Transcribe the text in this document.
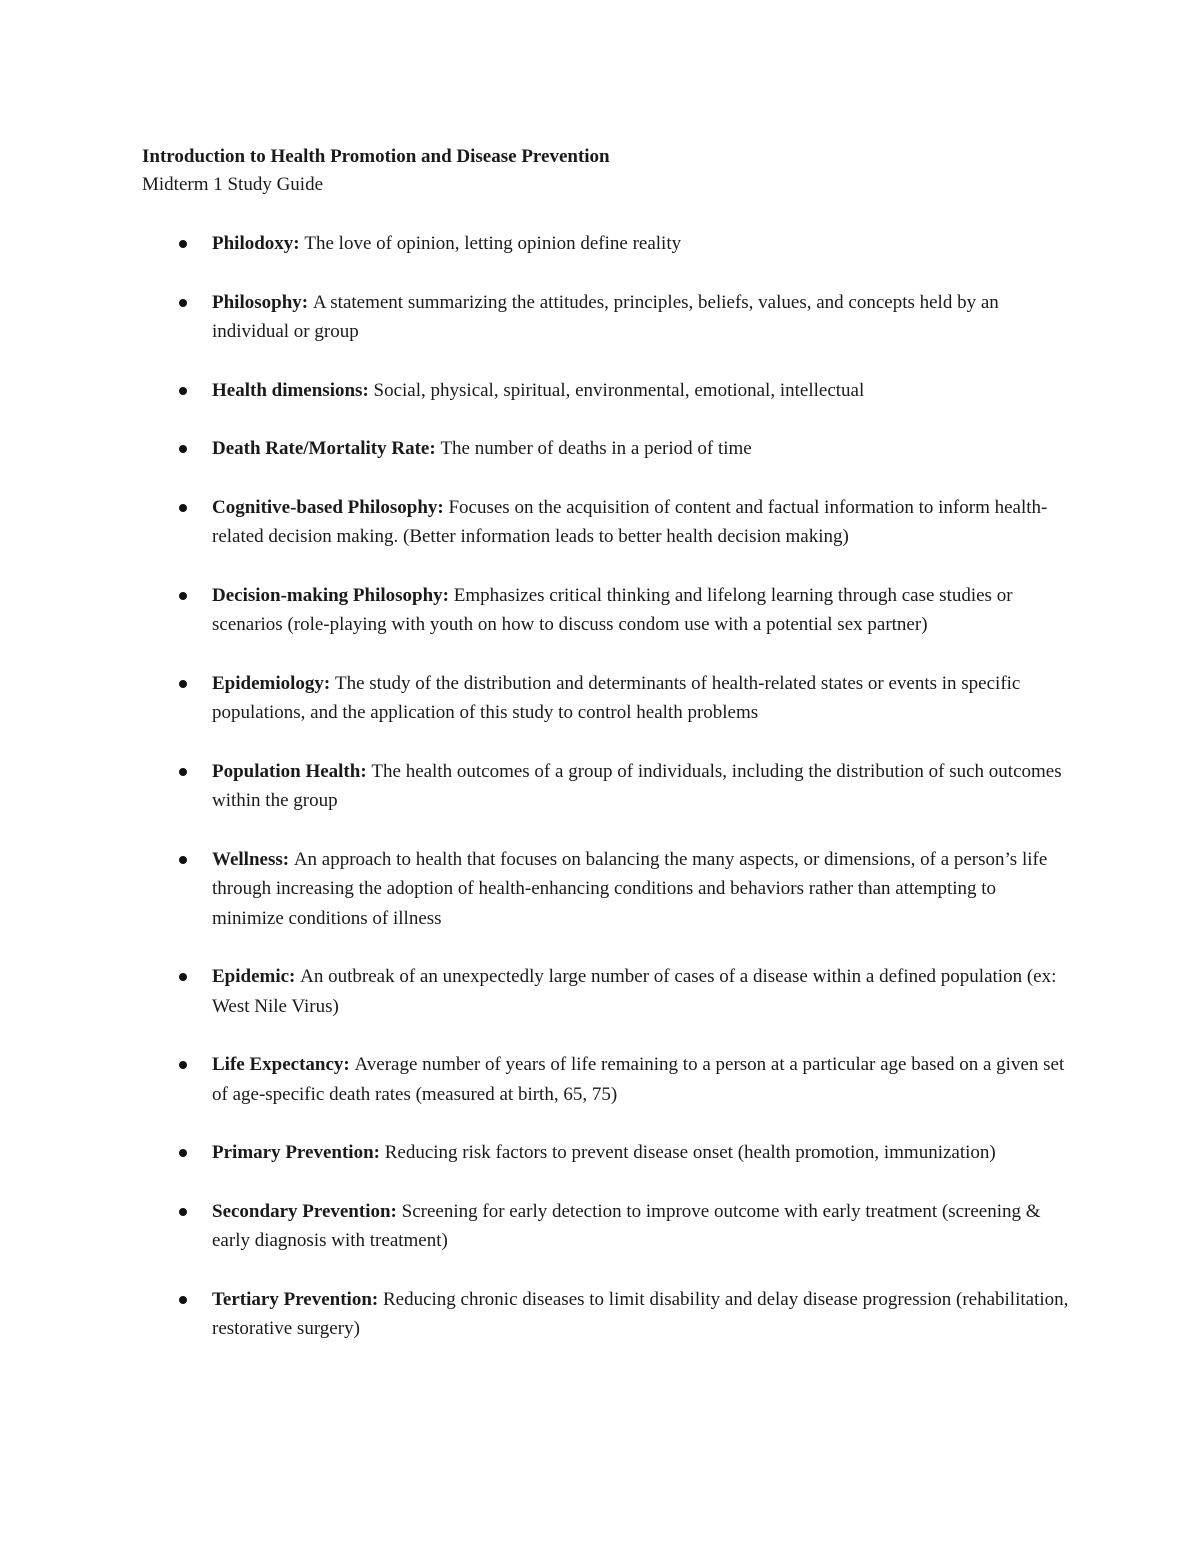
Introduction to Health Promotion and Disease Prevention

Midterm 1 Study Guide

Philodoxy: The love of opinion, letting opinion define reality
Philosophy: A statement summarizing the attitudes, principles, beliefs, values, and concepts held by an individual or group
Health dimensions: Social, physical, spiritual, environmental, emotional, intellectual
Death Rate/Mortality Rate: The number of deaths in a period of time
Cognitive-based Philosophy: Focuses on the acquisition of content and factual information to inform health-related decision making. (Better information leads to better health decision making)
Decision-making Philosophy: Emphasizes critical thinking and lifelong learning through case studies or scenarios (role-playing with youth on how to discuss condom use with a potential sex partner)
Epidemiology: The study of the distribution and determinants of health-related states or events in specific populations, and the application of this study to control health problems
Population Health: The health outcomes of a group of individuals, including the distribution of such outcomes within the group
Wellness: An approach to health that focuses on balancing the many aspects, or dimensions, of a person’s life through increasing the adoption of health-enhancing conditions and behaviors rather than attempting to minimize conditions of illness
Epidemic: An outbreak of an unexpectedly large number of cases of a disease within a defined population (ex: West Nile Virus)
Life Expectancy: Average number of years of life remaining to a person at a particular age based on a given set of age-specific death rates (measured at birth, 65, 75)
Primary Prevention: Reducing risk factors to prevent disease onset (health promotion, immunization)
Secondary Prevention: Screening for early detection to improve outcome with early treatment (screening & early diagnosis with treatment)
Tertiary Prevention: Reducing chronic diseases to limit disability and delay disease progression (rehabilitation, restorative surgery)
